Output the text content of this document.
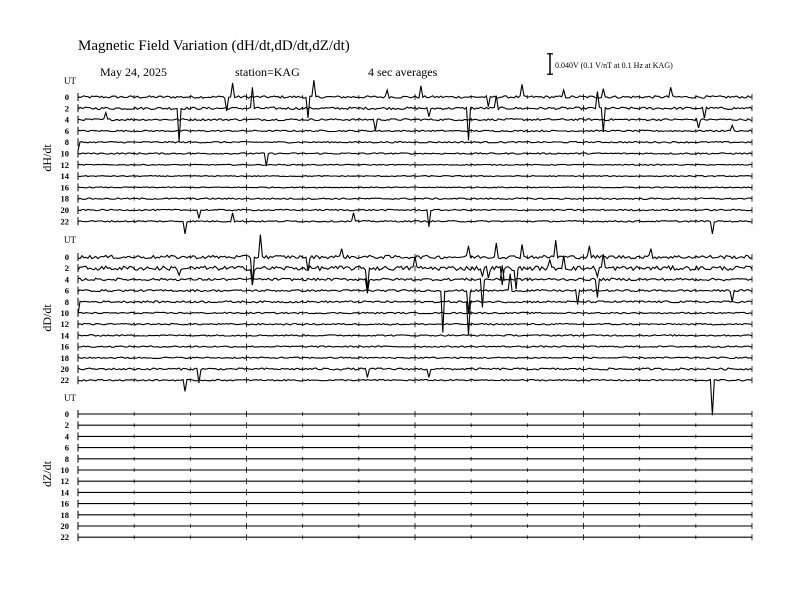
Magnetic Field Variation (dH/dt,dD/dt,dZ/dt)
May 24, 2025	station=KAG	4 sec averages	0.040V (0.1 V/nT at 0.1 Hz at KAG)
UT
dH/dt
0
2
4
6
8
10
12
14
16
18
20
22
UT
dD/dt
0
2
4
6
8
10
12
14
16
18
20
22
UT
dZ/dt
0
2
4
6
8
10
12
14
16
18
20
22
